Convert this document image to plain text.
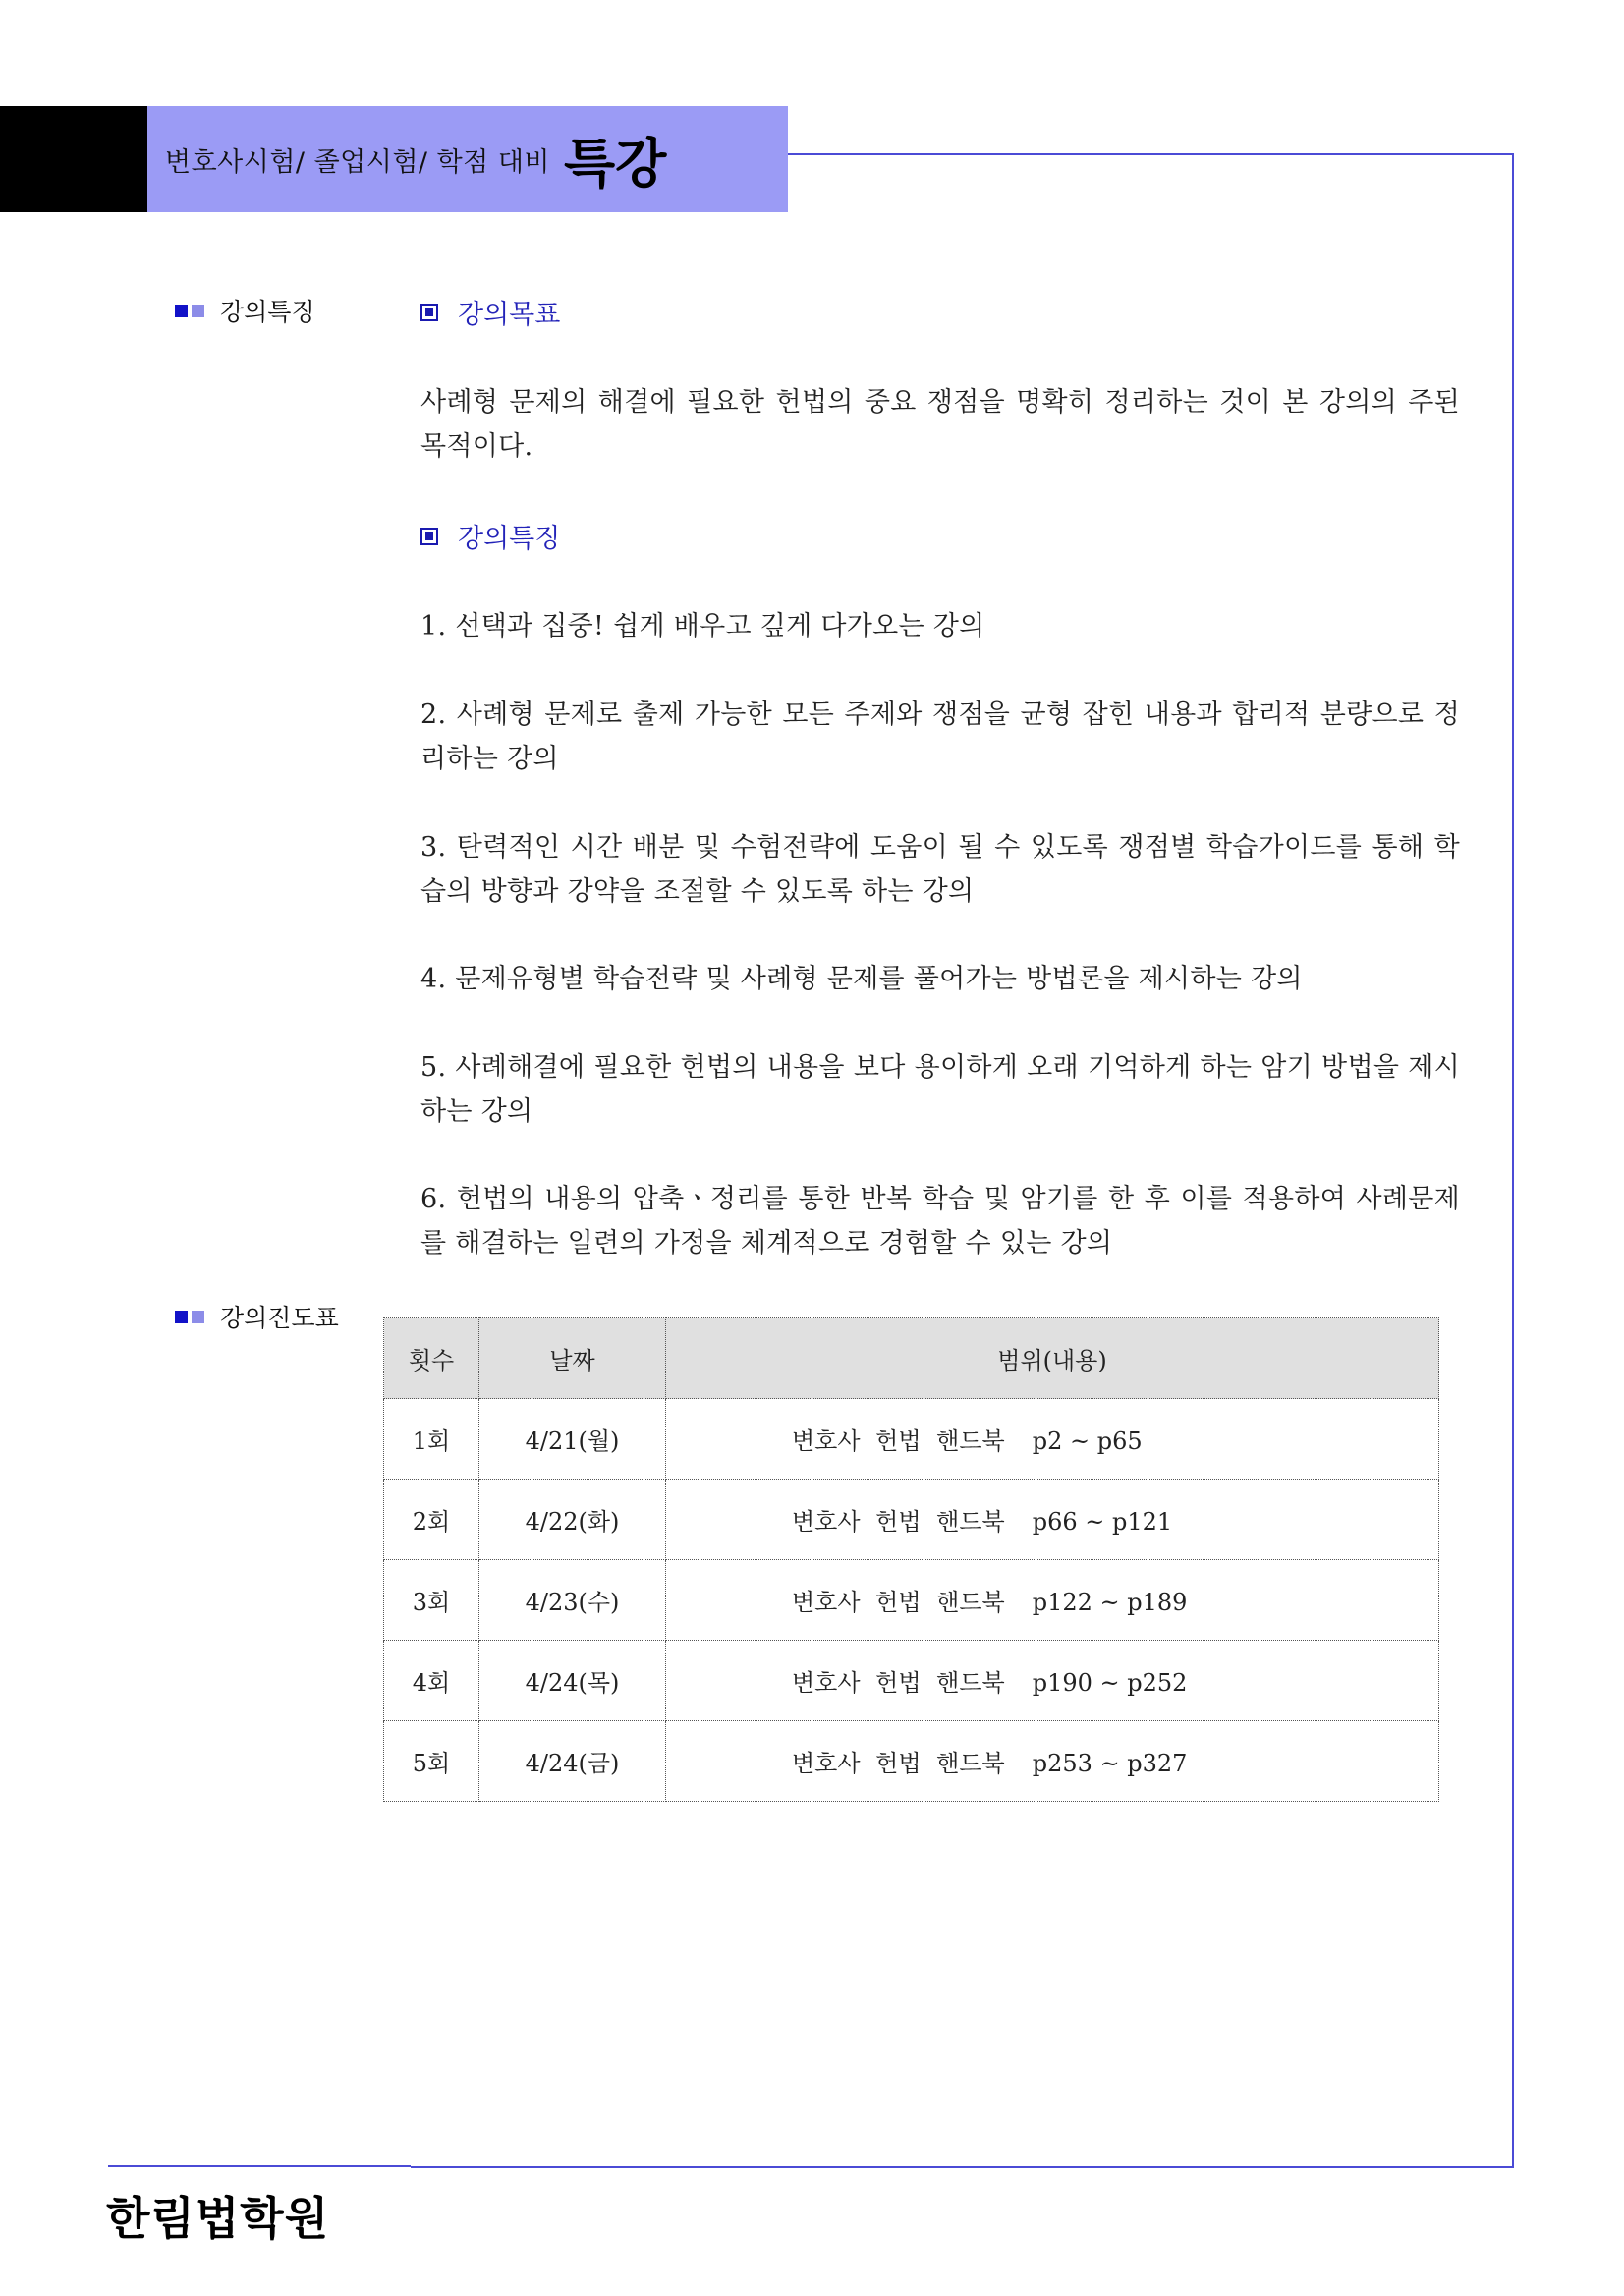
변호사시험/ 졸업시험/ 학점 대비 특강
강의특징	강의목표
사례형 문제의 해결에 필요한 헌법의 중요 쟁점을 명확히 정리하는 것이 본 강의의 주된 목적이다.
강의특징
1. 선택과 집중! 쉽게 배우고 깊게 다가오는 강의
2. 사례형 문제로 출제 가능한 모든 주제와 쟁점을 균형 잡힌 내용과 합리적 분량으로 정리하는 강의
3. 탄력적인 시간 배분 및 수험전략에 도움이 될 수 있도록 쟁점별 학습가이드를 통해 학습의 방향과 강약을 조절할 수 있도록 하는 강의
4. 문제유형별 학습전략 및 사례형 문제를 풀어가는 방법론을 제시하는 강의
5. 사례해결에 필요한 헌법의 내용을 보다 용이하게 오래 기억하게 하는 암기 방법을 제시하는 강의
6. 헌법의 내용의 압축ㆍ정리를 통한 반복 학습 및 암기를 한 후 이를 적용하여 사례문제를 해결하는 일련의 가정을 체계적으로 경험할 수 있는 강의
강의진도표
횟수	날짜	범위(내용)
1회	4/21(월)	변호사 헌법 핸드북 p2 ~ p65
2회	4/22(화)	변호사 헌법 핸드북 p66 ~ p121
3회	4/23(수)	변호사 헌법 핸드북 p122 ~ p189
4회	4/24(목)	변호사 헌법 핸드북 p190 ~ p252
5회	4/24(금)	변호사 헌법 핸드북 p253 ~ p327
한림법학원
